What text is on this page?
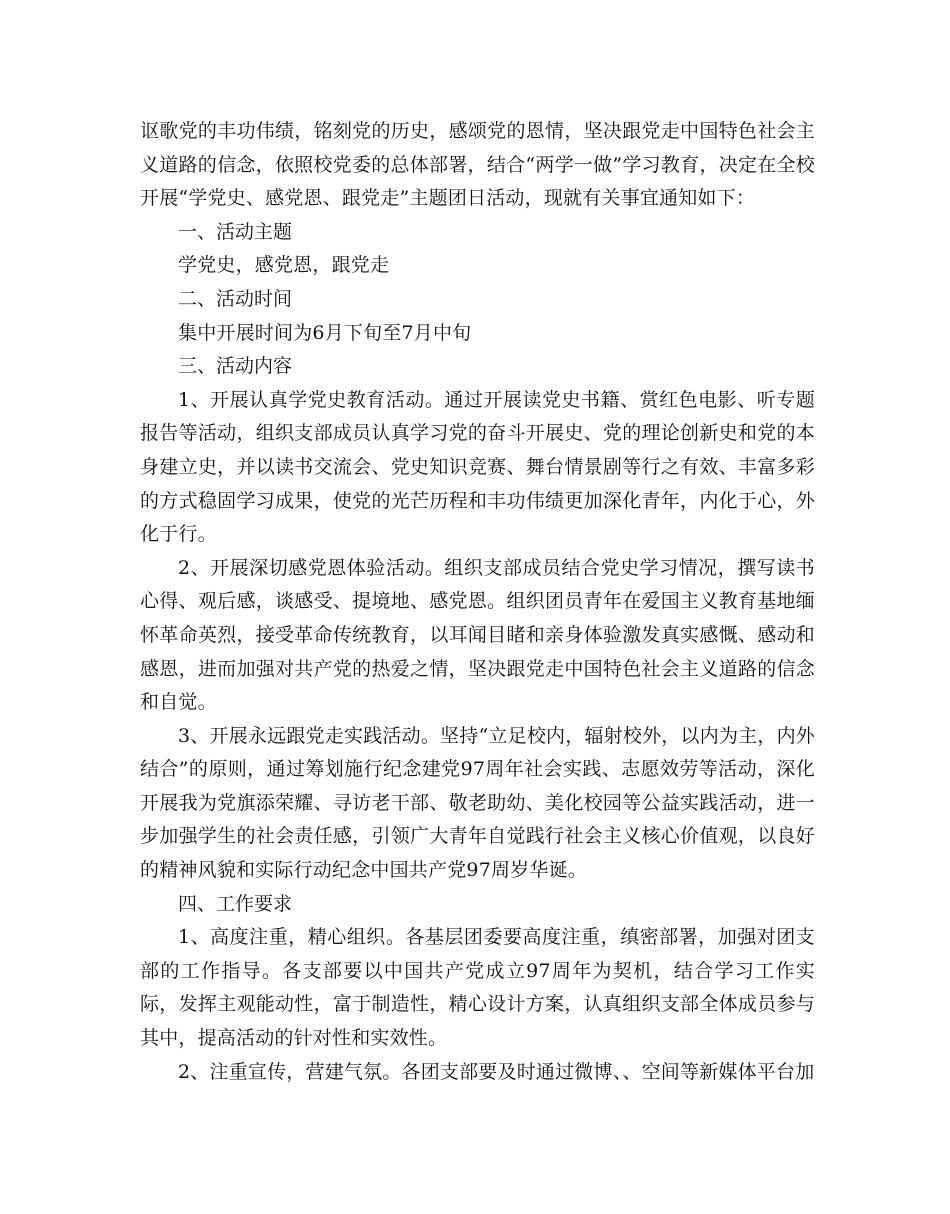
讴歌党的丰功伟绩，铭刻党的历史，感颂党的恩情，坚决跟党走中国特色社会主义道路的信念，依照校党委的总体部署，结合“两学一做”学习教育，决定在全校开展“学党史、感党恩、跟党走”主题团日活动，现就有关事宜通知如下：

一、活动主题

学党史，感党恩，跟党走

二、活动时间

集中开展时间为6月下旬至7月中旬

三、活动内容

1、开展认真学党史教育活动。通过开展读党史书籍、赏红色电影、听专题报告等活动，组织支部成员认真学习党的奋斗开展史、党的理论创新史和党的本身建立史，并以读书交流会、党史知识竞赛、舞台情景剧等行之有效、丰富多彩的方式稳固学习成果，使党的光芒历程和丰功伟绩更加深化青年，内化于心，外化于行。

2、开展深切感党恩体验活动。组织支部成员结合党史学习情况，撰写读书心得、观后感，谈感受、提境地、感党恩。组织团员青年在爱国主义教育基地缅怀革命英烈，接受革命传统教育，以耳闻目睹和亲身体验激发真实感慨、感动和感恩，进而加强对共产党的热爱之情，坚决跟党走中国特色社会主义道路的信念和自觉。

3、开展永远跟党走实践活动。坚持“立足校内，辐射校外，以内为主，内外结合”的原则，通过筹划施行纪念建党97周年社会实践、志愿效劳等活动，深化开展我为党旗添荣耀、寻访老干部、敬老助幼、美化校园等公益实践活动，进一步加强学生的社会责任感，引领广大青年自觉践行社会主义核心价值观，以良好的精神风貌和实际行动纪念中国共产党97周岁华诞。

四、工作要求

1、高度注重，精心组织。各基层团委要高度注重，缜密部署，加强对团支部的工作指导。各支部要以中国共产党成立97周年为契机，结合学习工作实际，发挥主观能动性，富于制造性，精心设计方案，认真组织支部全体成员参与其中，提高活动的针对性和实效性。

2、注重宣传，营建气氛。各团支部要及时通过微博、、空间等新媒体平台加
